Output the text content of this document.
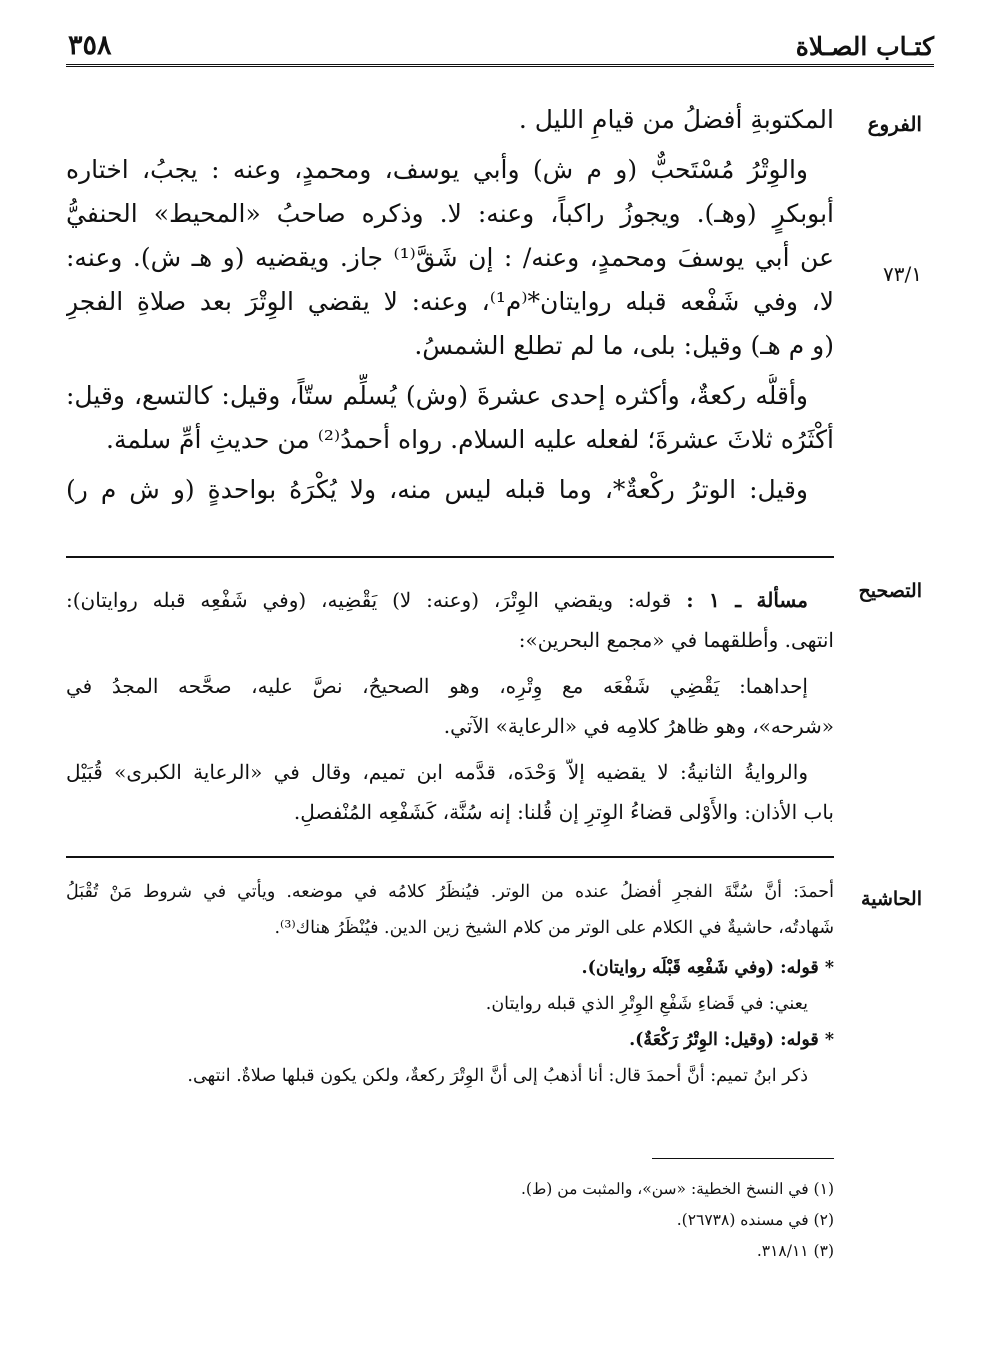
كتـاب الصـلاة
٣٥٨
الفروع
٧٣/١
التصحيح
الحاشية
المكتوبةِ أفضلُ من قيامِ الليل .
والوِتْرُ مُسْتَحبٌّ (و م ش) وأبي يوسف، ومحمدٍ، وعنه : يجبُ، اختاره
أبوبكرٍ (وهـ). ويجوزُ راكباً، وعنه: لا. وذكره صاحبُ «المحيط» الحنفيُّ
عن أبي يوسفَ ومحمدٍ، وعنه/ : إن شَقَّ⁽¹⁾ جاز. ويقضيه (و هـ ش). وعنه:
لا، وفي شَفْعه قبله روايتان*⁽م¹⁾، وعنه: لا يقضي الوِتْرَ بعد صلاةِ الفجرِ
(و م هـ) وقيل: بلى، ما لم تطلع الشمسُ.
وأقلُّه ركعةٌ، وأكثره إحدى عشرةَ (وش) يُسلِّم ستّاً، وقيل: كالتسع، وقيل:
أكْثَرُه ثلاثَ عشرةَ؛ لفعله عليه السلام. رواه أحمدُ⁽²⁾ من حديثِ أمِّ سلمة.
وقيل: الوترُ ركْعةٌ*، وما قبله ليس منه، ولا يُكْرَهُ بواحدةٍ (و ش م ر)
مسألة ـ ١ : قوله: ويقضي الوِتْرَ، (وعنه: لا) يَقْضِيه، (وفي شَفْعِه قبله روايتان):
انتهى. وأطلقهما في «مجمع البحرين»:
إحداهما: يَقْضِي شَفْعَه مع وِتْرِه، وهو الصحيحُ، نصَّ عليه، صحَّحه المجدُ في
«شرحه»، وهو ظاهرُ كلامِه في «الرعاية» الآتي.
والروايةُ الثانيةُ: لا يقضيه إلاّ وَحْدَه، قدَّمه ابن تميم، وقال في «الرعاية الكبرى» قُبَيْل
باب الأذان: والأَوْلى قضاءُ الوِترِ إن قُلنا: إنه سُنَّة، كَشَفْعِه المُنْفصلِ.
أحمدَ: أنَّ سُنَّةَ الفجرِ أفضلُ عنده من الوتر. فيُنظَرُ كلامُه في موضعه. ويأتي في شروط مَنْ تُقْبَلُ
شَهادتُه، حاشيةٌ في الكلام على الوتر من كلام الشيخ زين الدين. فيُنْظَرُ هناك⁽³⁾.
* قوله: (وفي شَفْعِه قَبْلَه روايتان).
يعني: في قَضاءِ شَفْعِ الوِتْرِ الذي قبله روايتان.
* قوله: (وقيل: الوِتْرُ رَكْعَةٌ).
ذكر ابنُ تميم: أنَّ أحمدَ قال: أنا أذهبُ إلى أنَّ الوِتْرَ ركعةٌ، ولكن يكون قبلها صلاةٌ. انتهى.
(١) في النسخ الخطية: «سن»، والمثبت من (ط).
(٢) في مسنده (٢٦٧٣٨).
(٣) ٣١٨/١١.
